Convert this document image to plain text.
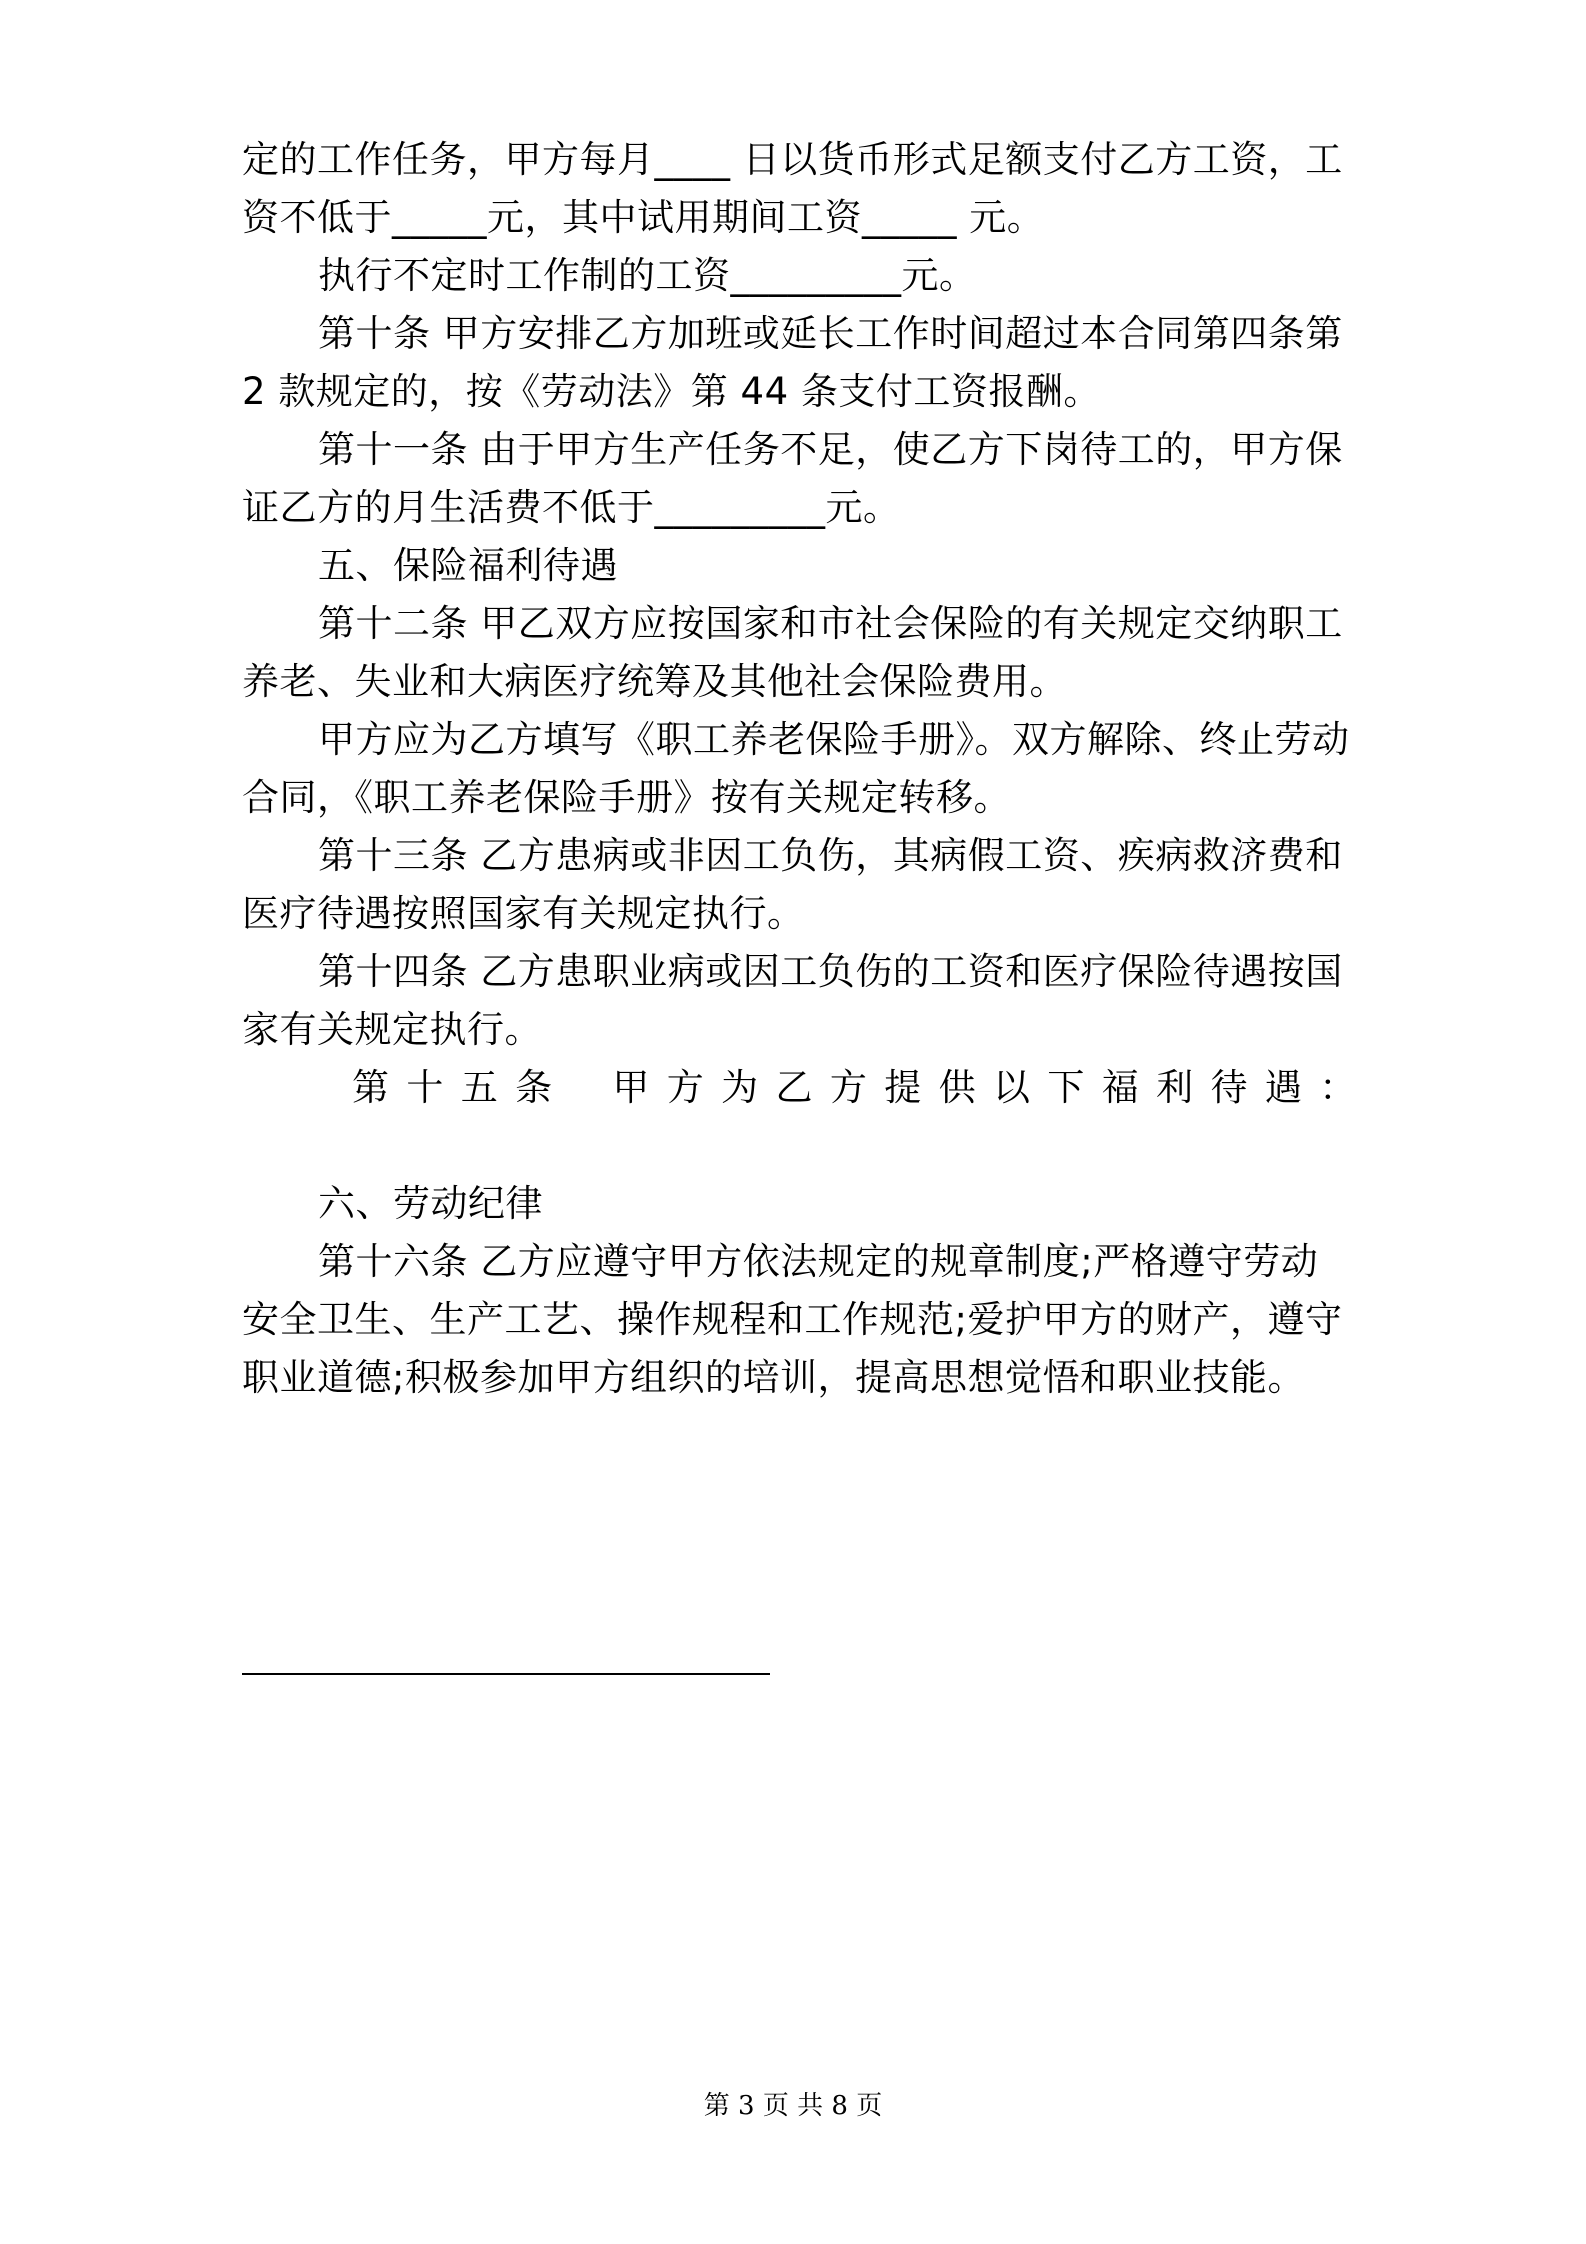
定的工作任务，甲方每月____ 日以货币形式足额支付乙方工资，工
资不低于_____元，其中试用期间工资_____ 元。
执行不定时工作制的工资_________元。
第十条 甲方安排乙方加班或延长工作时间超过本合同第四条第
2 款规定的，按《劳动法》第 44 条支付工资报酬。
第十一条 由于甲方生产任务不足，使乙方下岗待工的，甲方保
证乙方的月生活费不低于_________元。
五、保险福利待遇
第十二条 甲乙双方应按国家和市社会保险的有关规定交纳职工
养老、失业和大病医疗统筹及其他社会保险费用。
甲方应为乙方填写《职工养老保险手册》。双方解除、终止劳动
合同，《职工养老保险手册》按有关规定转移。
第十三条 乙方患病或非因工负伤，其病假工资、疾病救济费和
医疗待遇按照国家有关规定执行。
第十四条 乙方患职业病或因工负伤的工资和医疗保险待遇按国
家有关规定执行。
第 十 五 条 甲 方 为 乙 方 提 供 以 下 福 利 待 遇 ：
六、劳动纪律
第十六条 乙方应遵守甲方依法规定的规章制度;严格遵守劳动
安全卫生、生产工艺、操作规程和工作规范;爱护甲方的财产，遵守
职业道德;积极参加甲方组织的培训，提高思想觉悟和职业技能。
第 3 页 共 8 页
